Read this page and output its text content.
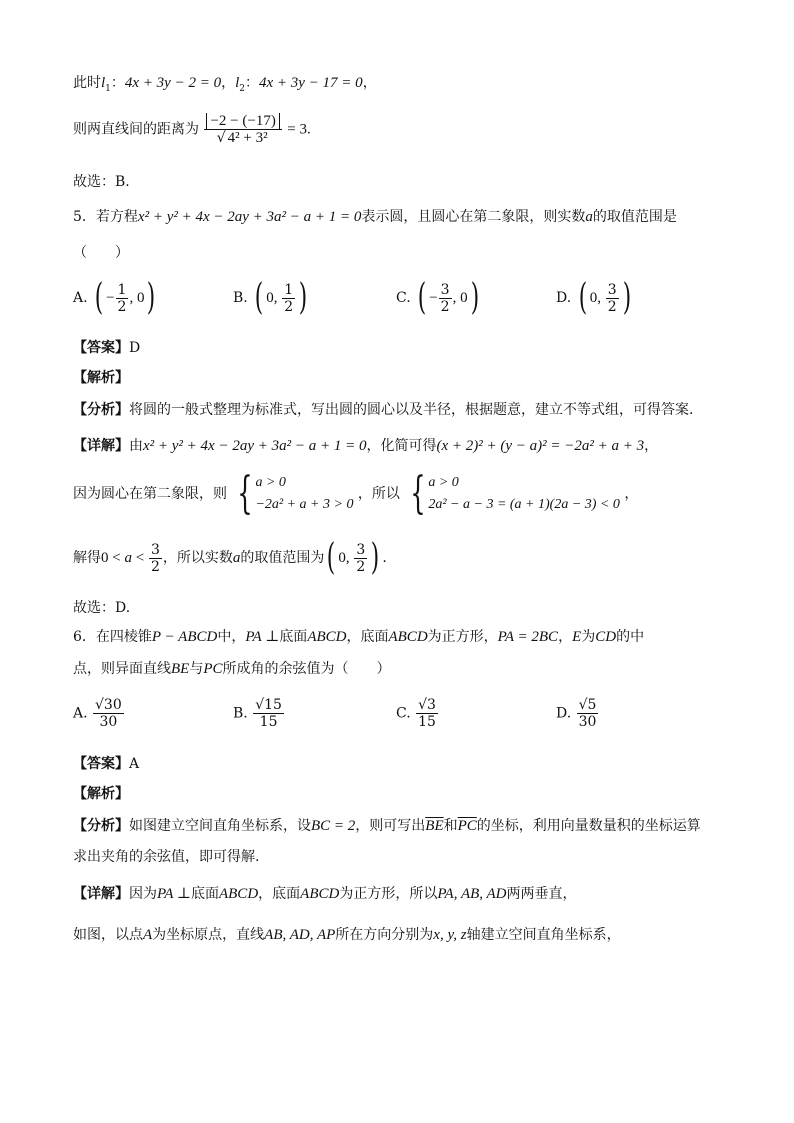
此时$l_1$：4x + 3y − 2 = 0，$l_2$：4x + 3y − 17 = 0，
则两直线间的距离为 $\frac{-2 - (-17)}{\text{√ 4² + 3²}} = 3$.
故选：B.
5．若方程x² + y² + 4x − 2ay + 3a² − a + 1 = 0表示圆，且圆心在第二象限，则实数a的取值范围是
（　　）
A. ( − $\frac{1}{2}$ , 0)	B. ( 0, $\frac{1}{2}$ )	C. ( − $\frac{3}{2}$ , 0)	D. ( 0, $\frac{3}{2}$ )
【答案】D
【解析】
【分析】将圆的一般式整理为标准式，写出圆的圆心以及半径，根据题意，建立不等式组，可得答案.
【详解】由x² + y² + 4x − 2ay + 3a² − a + 1 = 0，化简可得(x + 2)² + (y − a)² = −2a² + a + 3，
因为圆心在第二象限，则 { a > 0
−2a² + a + 3 > 0
，所以 { a > 0
2a² − a − 3 = (a + 1)(2a − 3) < 0
，
解得$0 < a < \frac{3}{2}$ ，所以实数a的取值范围为( 0, $\frac{3}{2}$ ) .
故选：D.
6．在四棱锥P − ABCD中，PA ⊥底面ABCD，底面ABCD为正方形，PA = 2BC，E为CD的中
点，则异面直线BE与PC所成角的余弦值为（　　）
A. $\frac{√30}{30}$	B. $\frac{√15}{15}$	C. $\frac{√3}{15}$	D. $\frac{√5}{30}$
【答案】A
【解析】
【分析】如图建立空间直角坐标系，设BC = 2，则可写出$\overline{BE}$和$\overline{PC}$的坐标，利用向量数量积的坐标运算
求出夹角的余弦值，即可得解.
【详解】因为PA ⊥底面ABCD，底面ABCD为正方形，所以PA, AB, AD两两垂直，
如图，以点A为坐标原点，直线AB, AD, AP所在方向分别为x, y, z轴建立空间直角坐标系，
